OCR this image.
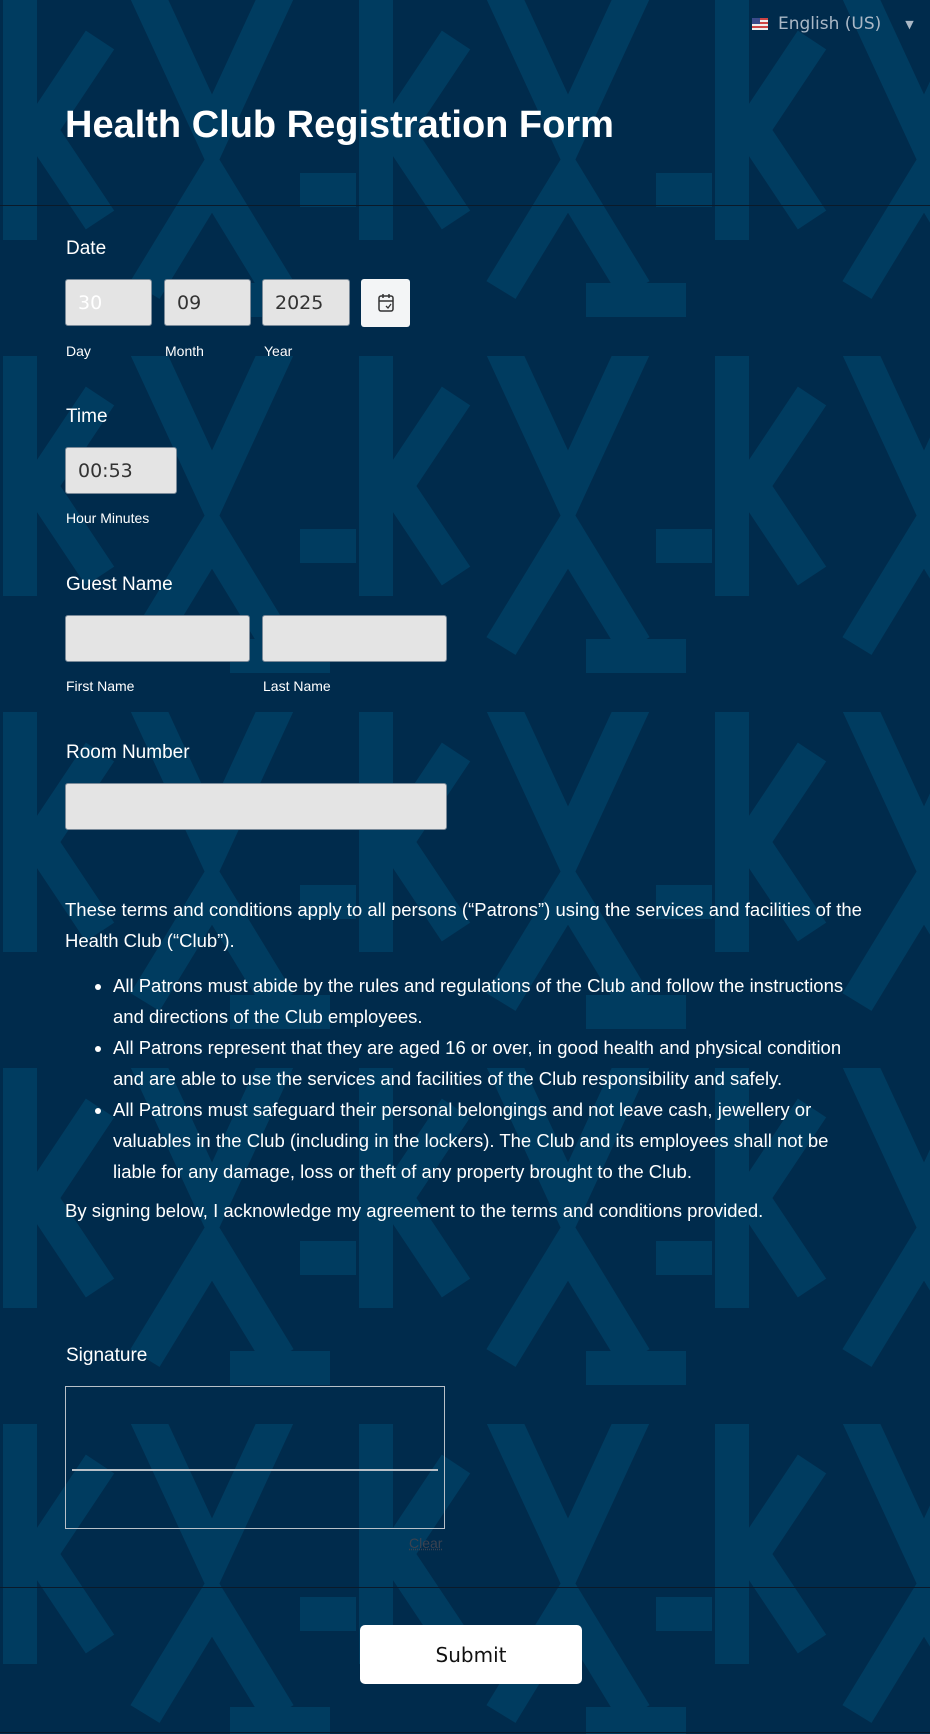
English (US) ▼
Health Club Registration Form
Date
30	09	2025
Day	Month	Year
Time
00:53
Hour Minutes
Guest Name
First Name	Last Name
Room Number

These terms and conditions apply to all persons (“Patrons”) using the services and facilities of the Health Club (“Club”).

• All Patrons must abide by the rules and regulations of the Club and follow the instructions and directions of the Club employees.
• All Patrons represent that they are aged 16 or over, in good health and physical condition and are able to use the services and facilities of the Club responsibility and safely.
• All Patrons must safeguard their personal belongings and not leave cash, jewellery or valuables in the Club (including in the lockers). The Club and its employees shall not be liable for any damage, loss or theft of any property brought to the Club.

By signing below, I acknowledge my agreement to the terms and conditions provided.

Signature
Clear
Submit
